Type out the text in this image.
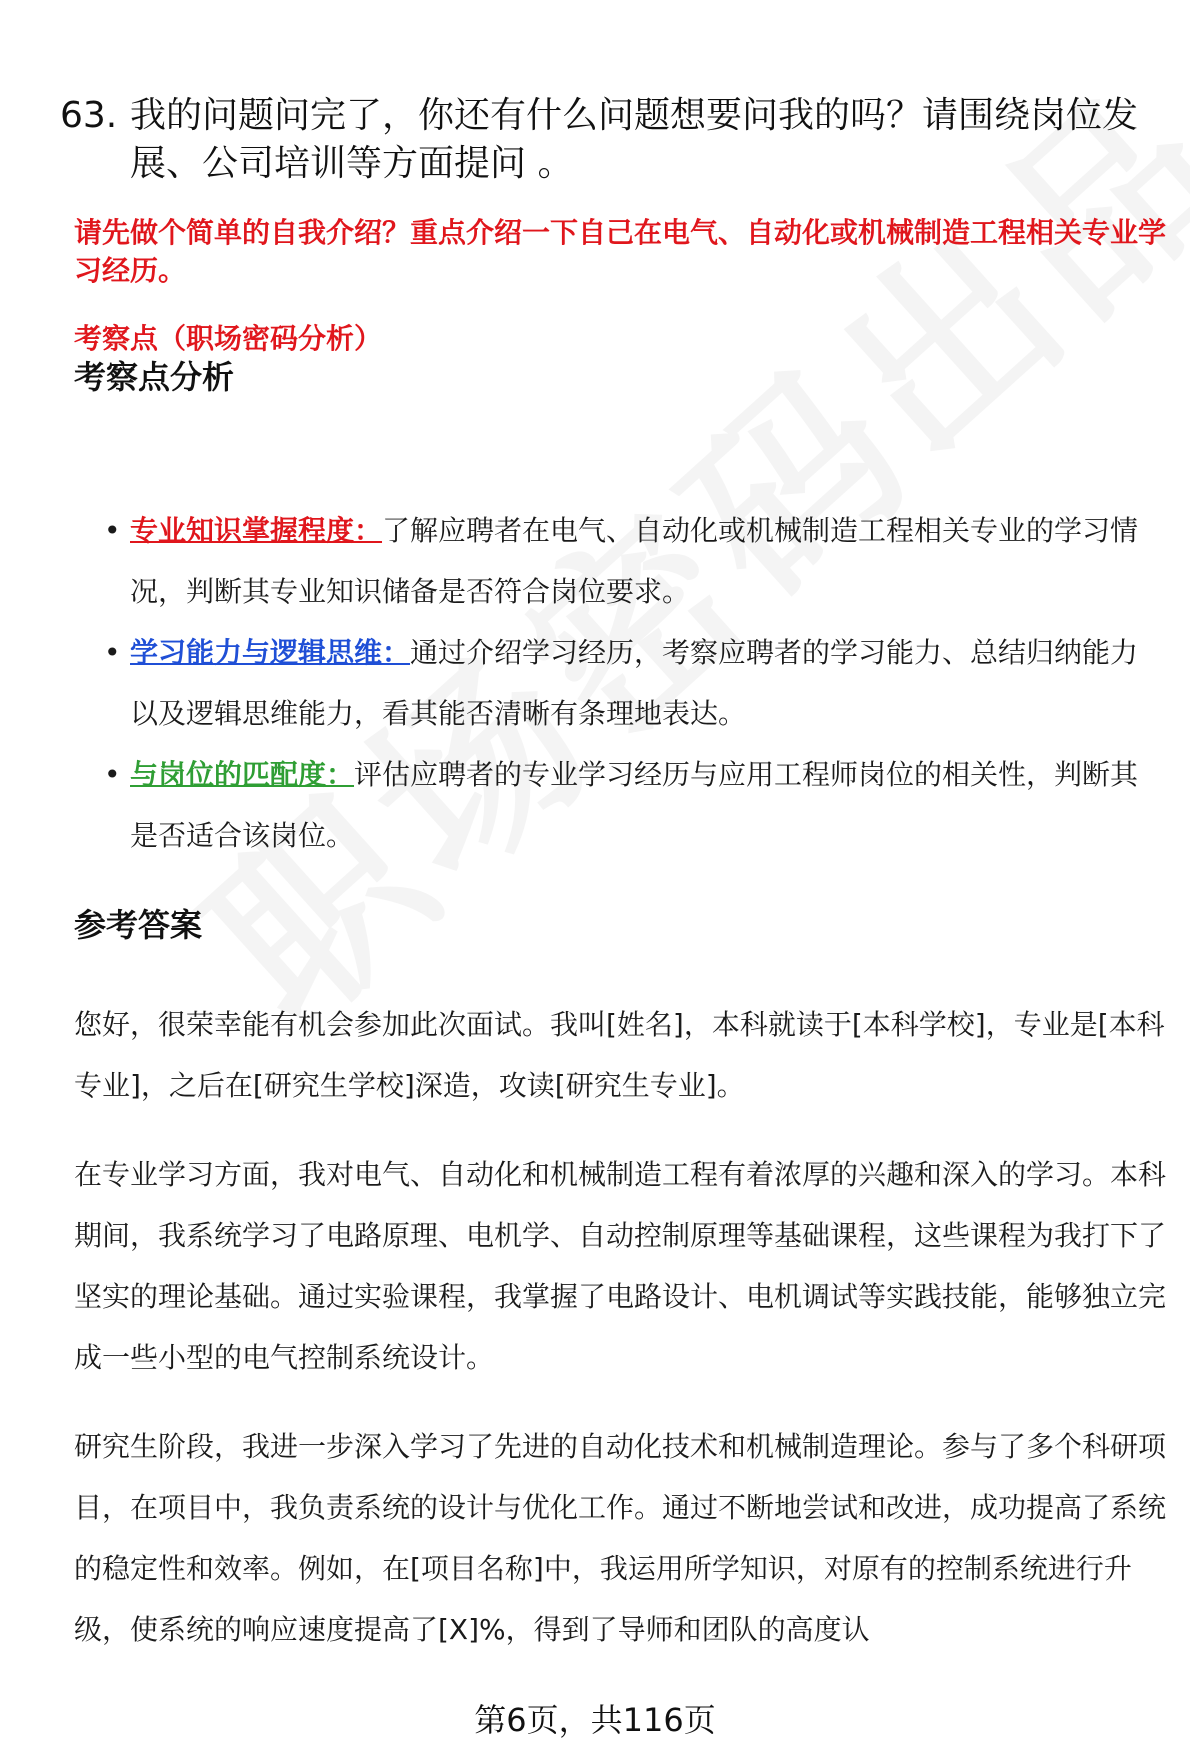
63. 我的问题问完了，你还有什么问题想要问我的吗？请围绕岗位发展、公司培训等方面提问 。
请先做个简单的自我介绍？重点介绍一下自己在电气、自动化或机械制造工程相关专业学习经历。
考察点（职场密码分析）
考察点分析
• 专业知识掌握程度：了解应聘者在电气、自动化或机械制造工程相关专业的学习情况，判断其专业知识储备是否符合岗位要求。
• 学习能力与逻辑思维：通过介绍学习经历，考察应聘者的学习能力、总结归纳能力以及逻辑思维能力，看其能否清晰有条理地表达。
• 与岗位的匹配度：评估应聘者的专业学习经历与应用工程师岗位的相关性，判断其是否适合该岗位。
参考答案

您好，很荣幸能有机会参加此次面试。我叫[姓名]，本科就读于[本科学校]，专业是[本科专业]，之后在[研究生学校]深造，攻读[研究生专业]。

在专业学习方面，我对电气、自动化和机械制造工程有着浓厚的兴趣和深入的学习。本科期间，我系统学习了电路原理、电机学、自动控制原理等基础课程，这些课程为我打下了坚实的理论基础。通过实验课程，我掌握了电路设计、电机调试等实践技能，能够独立完成一些小型的电气控制系统设计。

研究生阶段，我进一步深入学习了先进的自动化技术和机械制造理论。参与了多个科研项目，在项目中，我负责系统的设计与优化工作。通过不断地尝试和改进，成功提高了系统的稳定性和效率。例如，在[项目名称]中，我运用所学知识，对原有的控制系统进行升级，使系统的响应速度提高了[X]%，得到了导师和团队的高度认

第6页，共116页
